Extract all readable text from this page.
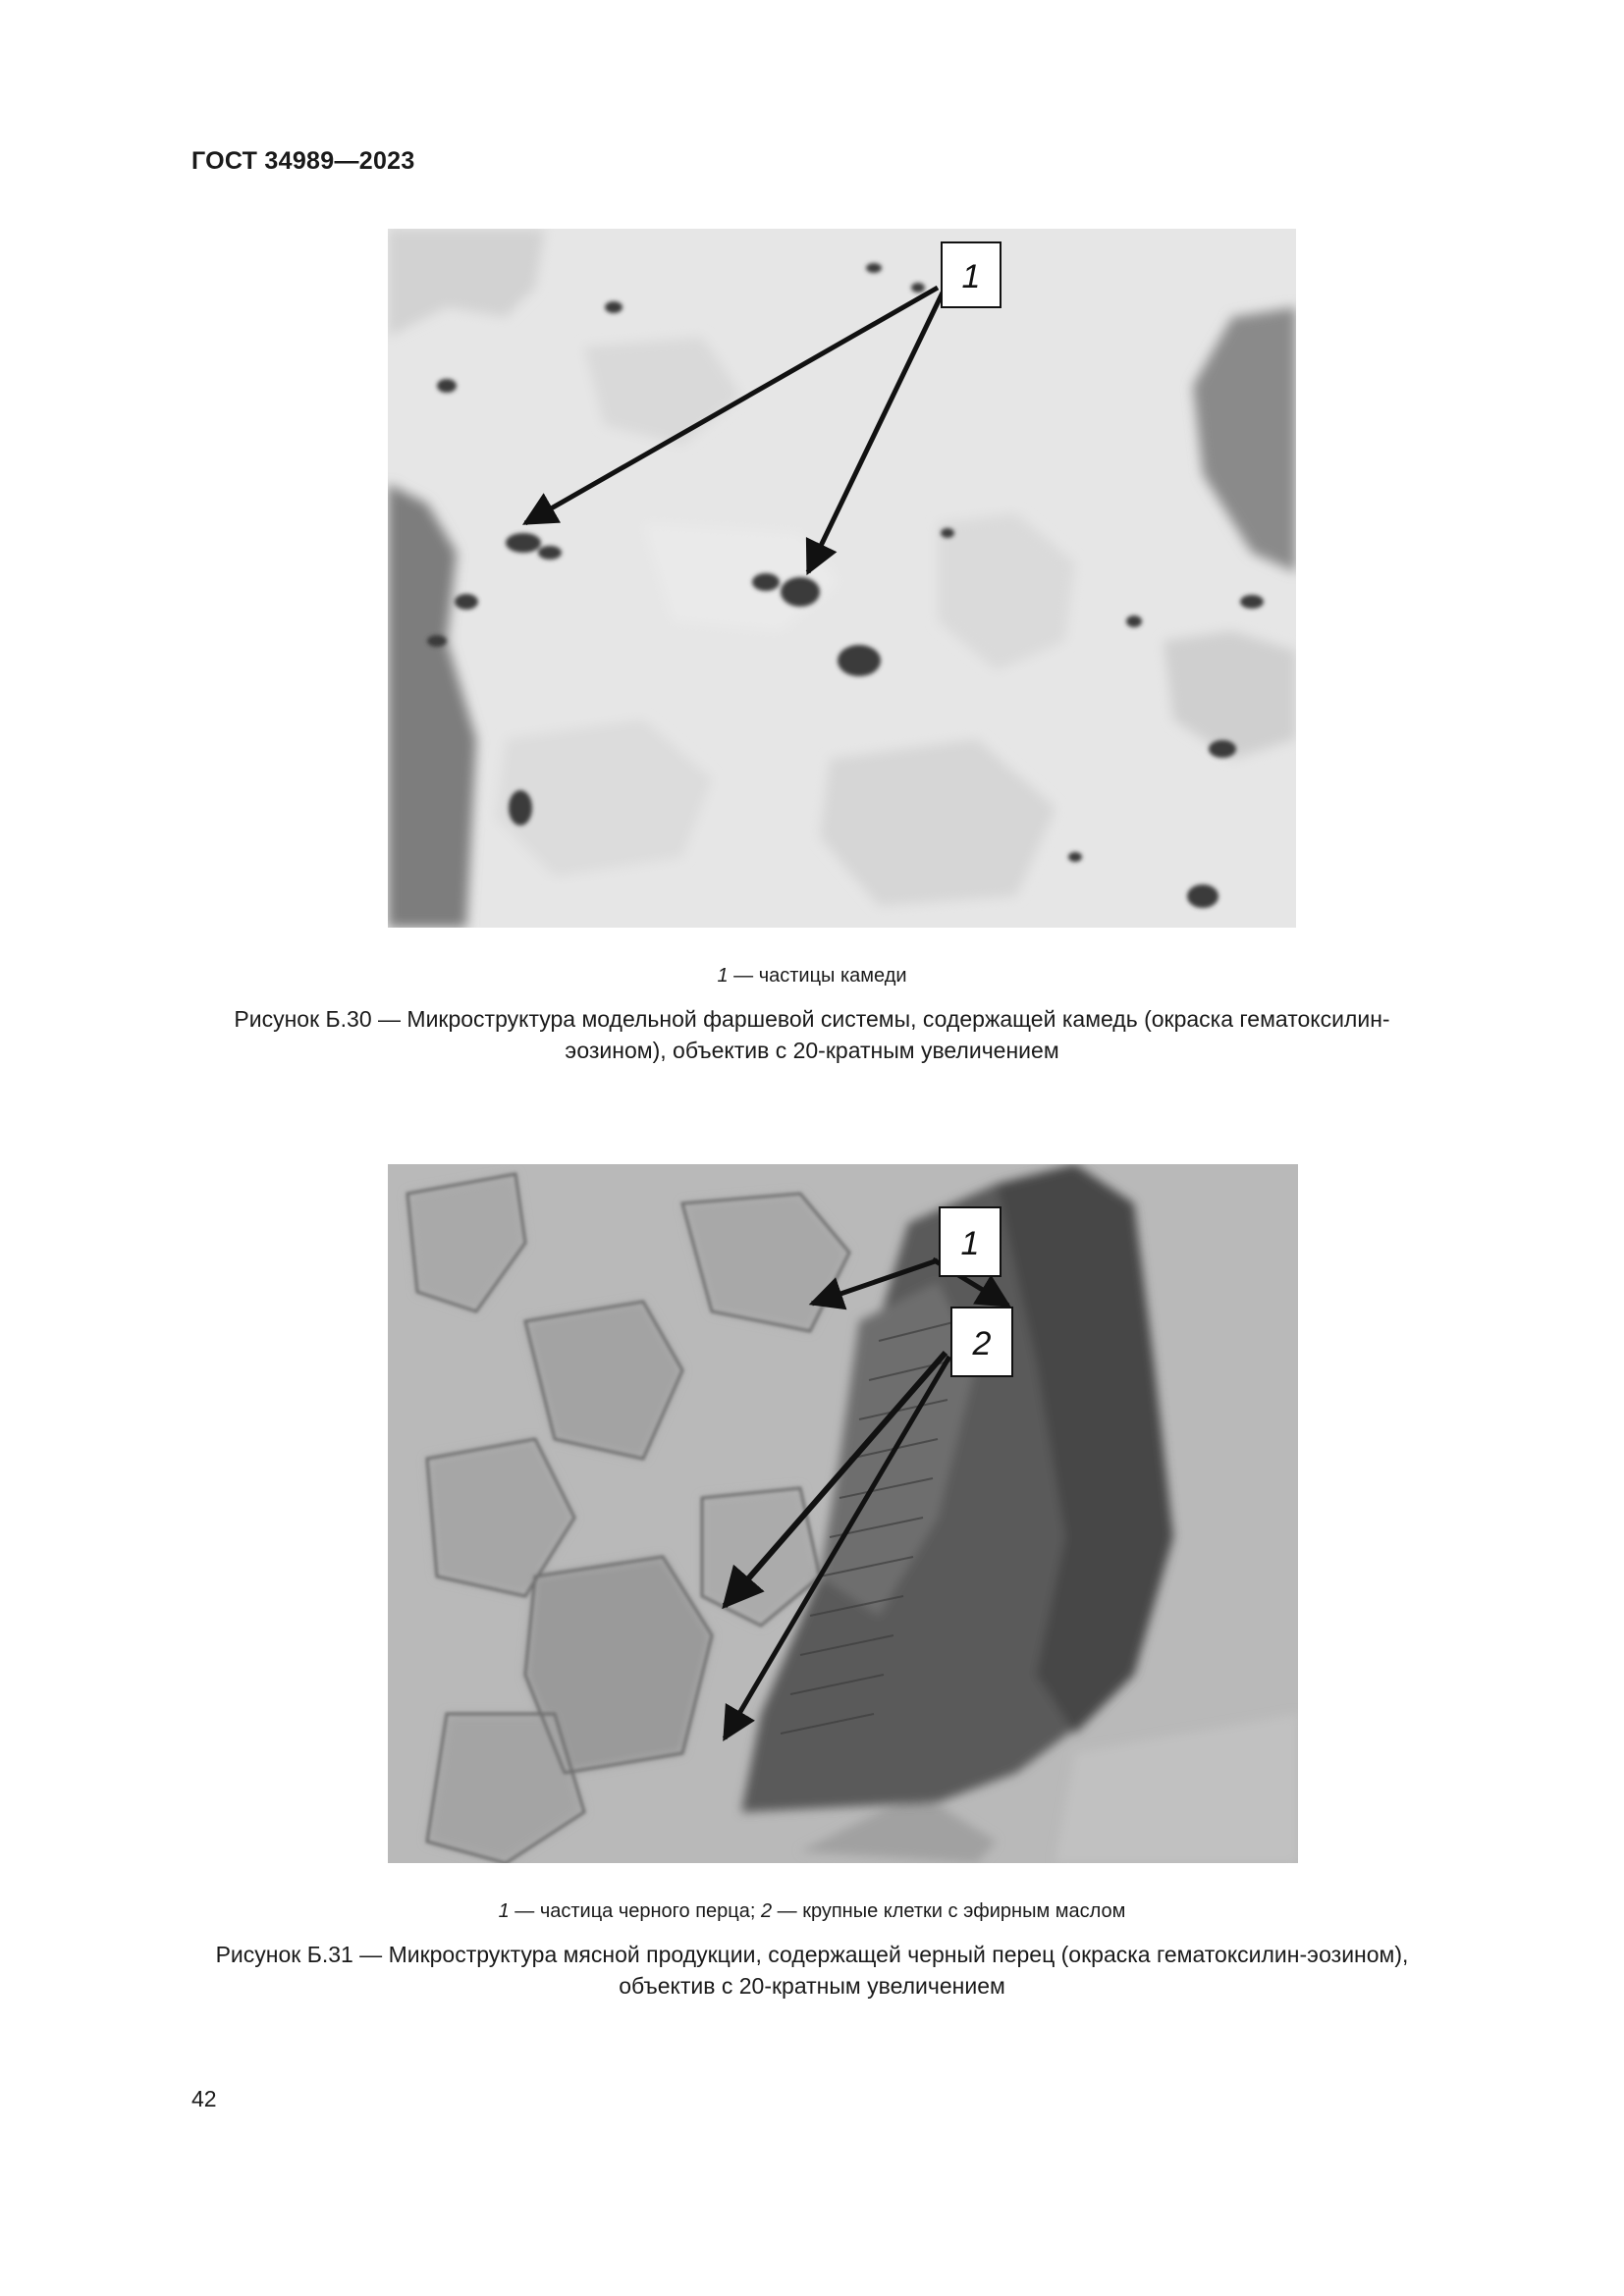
ГОСТ 34989—2023
1
1 — частицы камеди
Рисунок Б.30 — Микроструктура модельной фаршевой системы, содержащей камедь (окраска гематоксилин-
эозином), объектив с 20-кратным увеличением
1
2
1 — частица черного перца; 2 — крупные клетки с эфирным маслом
Рисунок Б.31 — Микроструктура мясной продукции, содержащей черный перец (окраска гематоксилин-эозином),
объектив с 20-кратным увеличением
42
